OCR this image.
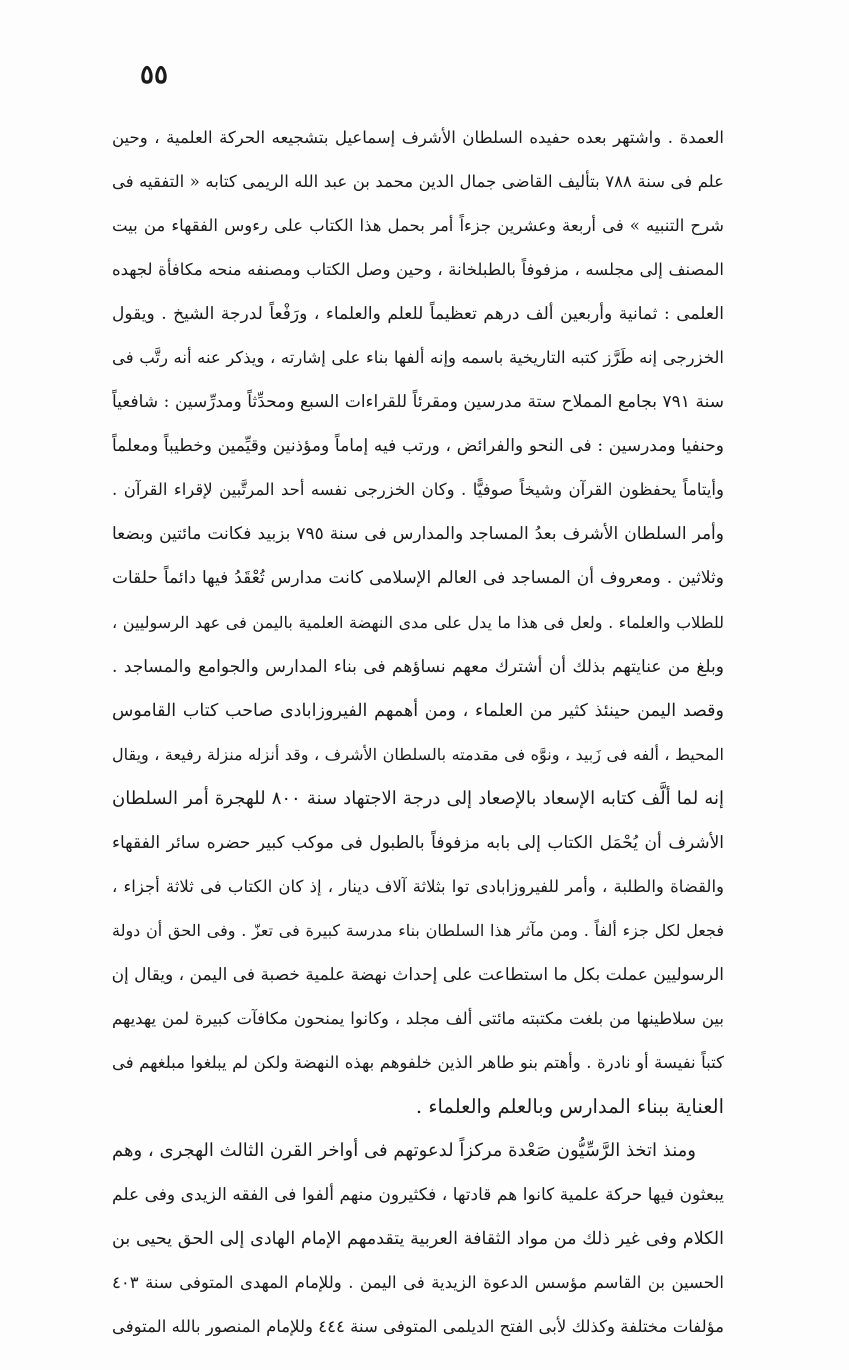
٥٥
العمدة . واشتهر بعده حفيده السلطان الأشرف إسماعيل بتشجيعه الحركة العلمية ، وحين
علم فى سنة ٧٨٨ بتأليف القاضى جمال الدين محمد بن عبد الله الريمى كتابه « التفقيه فى
شرح التنبيه » فى أربعة وعشرين جزءاً أمر بحمل هذا الكتاب على رءوس الفقهاء من بيت
المصنف إلى مجلسه ، مزفوفاً بالطبلخانة ، وحين وصل الكتاب ومصنفه منحه مكافأة لجهده
العلمى : ثمانية وأربعين ألف درهم تعظيماً للعلم والعلماء ، ورَفْعاً لدرجة الشيخ . ويقول
الخزرجى إنه طَرَّز كتبه التاريخية باسمه وإنه ألفها بناء على إشارته ، ويذكر عنه أنه رتَّب فى
سنة ٧٩١ بجامع المملاح ستة مدرسين ومقرئاً للقراءات السبع ومحدِّثاً ومدرِّسين : شافعياً
وحنفيا ومدرسين : فى النحو والفرائض ، ورتب فيه إماماً ومؤذنين وقيِّمين وخطيباً ومعلماً
وأيتاماً يحفظون القرآن وشيخاً صوفيًّا . وكان الخزرجى نفسه أحد المرتَّبين لإقراء القرآن .
وأمر السلطان الأشرف بعدُ المساجد والمدارس فى سنة ٧٩٥ بزبيد فكانت مائتين وبضعا
وثلاثين . ومعروف أن المساجد فى العالم الإسلامى كانت مدارس تُعْقَدُ فيها دائماً حلقات
للطلاب والعلماء . ولعل فى هذا ما يدل على مدى النهضة العلمية باليمن فى عهد الرسوليين ،
وبلغ من عنايتهم بذلك أن أشترك معهم نساؤهم فى بناء المدارس والجوامع والمساجد .
وقصد اليمن حينئذ كثير من العلماء ، ومن أهمهم الفيروزابادى صاحب كتاب القاموس
المحيط ، ألفه فى زَبيد ، ونوَّه فى مقدمته بالسلطان الأشرف ، وقد أنزله منزلة رفيعة ، ويقال
إنه لما ألَّف كتابه الإسعاد بالإصعاد إلى درجة الاجتهاد سنة ٨٠٠ للهجرة أمر السلطان
الأشرف أن يُحْمَل الكتاب إلى بابه مزفوفاً بالطبول فى موكب كبير حضره سائر الفقهاء
والقضاة والطلبة ، وأمر للفيروزابادى توا بثلاثة آلاف دينار ، إذ كان الكتاب فى ثلاثة أجزاء ،
فجعل لكل جزء ألفاً . ومن مآثر هذا السلطان بناء مدرسة كبيرة فى تعزّ . وفى الحق أن دولة
الرسوليين عملت بكل ما استطاعت على إحداث نهضة علمية خصبة فى اليمن ، ويقال إن
بين سلاطينها من بلغت مكتبته مائتى ألف مجلد ، وكانوا يمنحون مكافآت كبيرة لمن يهديهم
كتباً نفيسة أو نادرة . وأهتم بنو طاهر الذين خلفوهم بهذه النهضة ولكن لم يبلغوا مبلغهم فى
العناية ببناء المدارس وبالعلم والعلماء .
ومنذ اتخذ الرَّسِّيُّون صَعْدة مركزاً لدعوتهم فى أواخر القرن الثالث الهجرى ، وهم
يبعثون فيها حركة علمية كانوا هم قادتها ، فكثيرون منهم ألفوا فى الفقه الزيدى وفى علم
الكلام وفى غير ذلك من مواد الثقافة العربية يتقدمهم الإمام الهادى إلى الحق يحيى بن
الحسين بن القاسم مؤسس الدعوة الزيدية فى اليمن . وللإمام المهدى المتوفى سنة ٤٠٣
مؤلفات مختلفة وكذلك لأبى الفتح الديلمى المتوفى سنة ٤٤٤ وللإمام المنصور بالله المتوفى
